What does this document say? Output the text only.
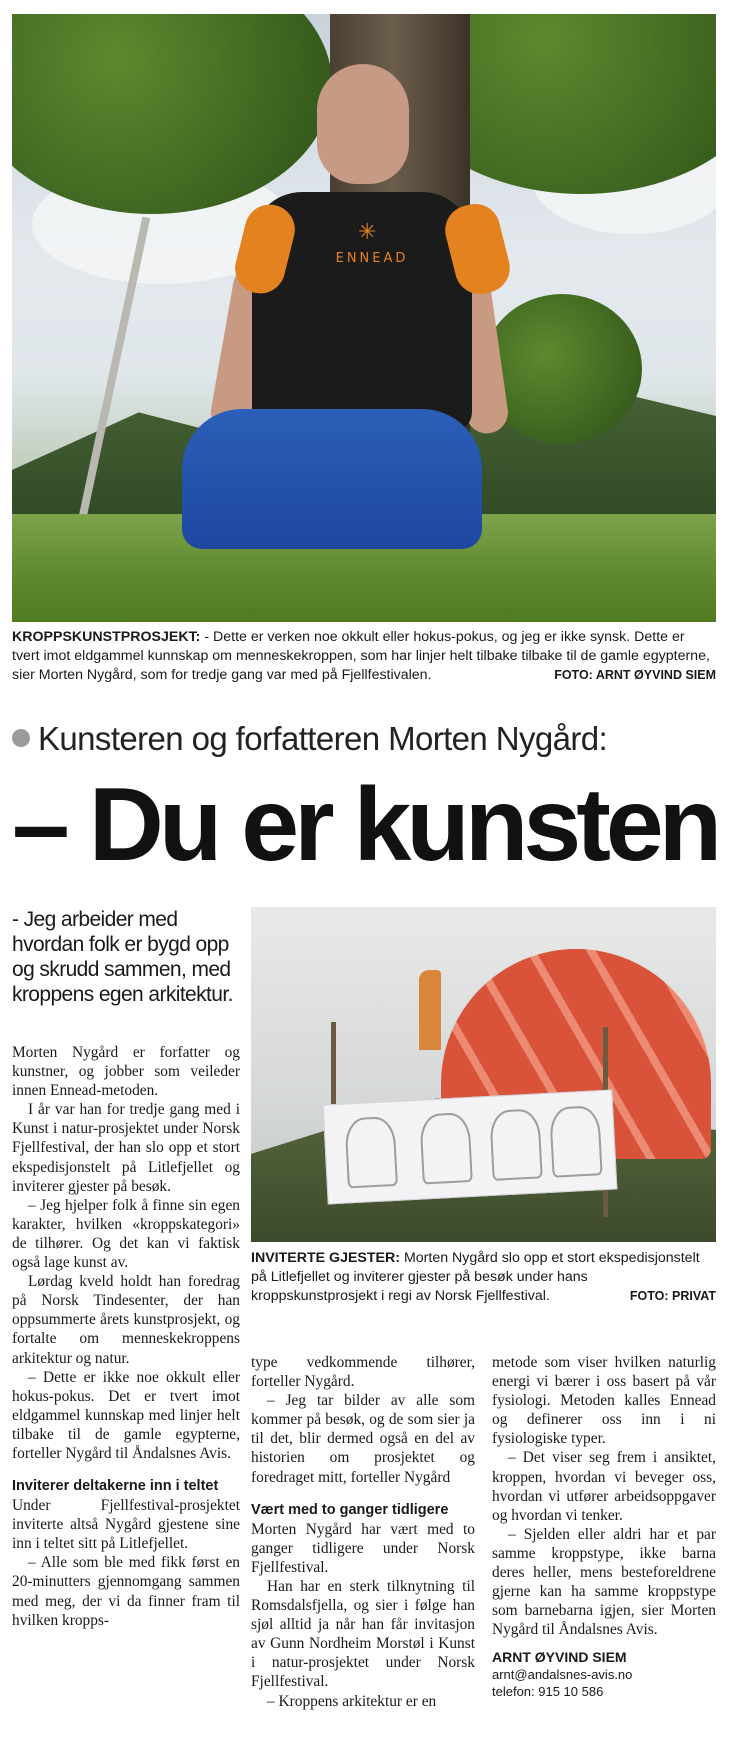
✳
ENNEAD
KROPPSKUNSTPROSJEKT: - Dette er verken noe okkult eller hokus-pokus, og jeg er ikke synsk. Dette er tvert imot eldgammel kunnskap om menneskekroppen, som har linjer helt tilbake tilbake til de gamle egypterne, sier Morten Nygård, som for tredje gang var med på Fjellfestivalen.	FOTO: ARNT ØYVIND SIEM
Kunsteren og forfatteren Morten Nygård:
– Du er kunsten
- Jeg arbeider med hvordan folk er bygd opp og skrudd sammen, med kroppens egen arkitektur.
INVITERTE GJESTER: Morten Nygård slo opp et stort ekspedisjonstelt på Litlefjellet og inviterer gjester på besøk under hans kroppskunstprosjekt i regi av Norsk Fjellfestival.	FOTO: PRIVAT

Morten Nygård er forfatter og kunstner, og jobber som veileder innen Ennead-metoden.

I år var han for tredje gang med i Kunst i natur-prosjektet under Norsk Fjellfestival, der han slo opp et stort ekspedisjonstelt på Litlefjellet og inviterer gjester på besøk.

– Jeg hjelper folk å finne sin egen karakter, hvilken «kroppskategori» de tilhører. Og det kan vi faktisk også lage kunst av.

Lørdag kveld holdt han foredrag på Norsk Tindesenter, der han oppsummerte årets kunstprosjekt, og fortalte om menneskekroppens arkitektur og natur.

– Dette er ikke noe okkult eller hokus-pokus. Det er tvert imot eldgammel kunnskap med linjer helt tilbake til de gamle egypterne, forteller Nygård til Åndalsnes Avis.

Inviterer deltakerne inn i teltet

Under Fjellfestival-prosjektet inviterte altså Nygård gjestene sine inn i teltet sitt på Litlefjellet.

– Alle som ble med fikk først en 20-minutters gjennomgang sammen med meg, der vi da finner fram til hvilken kropps-

type vedkommende tilhører, forteller Nygård.

– Jeg tar bilder av alle som kommer på besøk, og de som sier ja til det, blir dermed også en del av historien om prosjektet og foredraget mitt, forteller Nygård

Vært med to ganger tidligere

Morten Nygård har vært med to ganger tidligere under Norsk Fjellfestival.

Han har en sterk tilknytning til Romsdalsfjella, og sier i følge han sjøl alltid ja når han får invitasjon av Gunn Nordheim Morstøl i Kunst i natur-prosjektet under Norsk Fjellfestival.

– Kroppens arkitektur er en

metode som viser hvilken naturlig energi vi bærer i oss basert på vår fysiologi. Metoden kalles Ennead og definerer oss inn i ni fysiologiske typer.

– Det viser seg frem i ansiktet, kroppen, hvordan vi beveger oss, hvordan vi utfører arbeidsoppgaver og hvordan vi tenker.

– Sjelden eller aldri har et par samme kroppstype, ikke barna deres heller, mens besteforeldrene gjerne kan ha samme kroppstype som barnebarna igjen, sier Morten Nygård til Åndalsnes Avis.

ARNT ØYVIND SIEM
arnt@andalsnes-avis.no
telefon: 915 10 586
